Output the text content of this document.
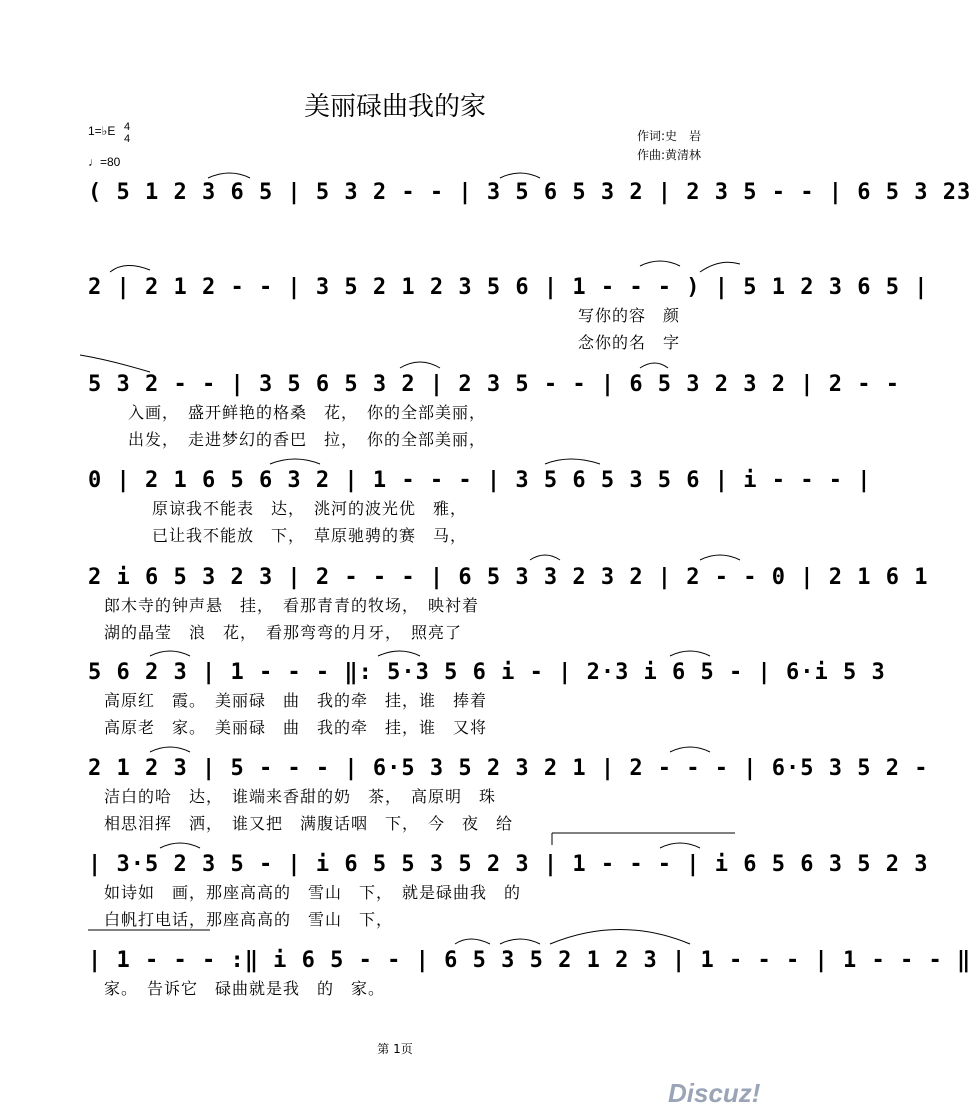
美丽碌曲我的家
1=♭E 4
4
♩=80
作词:史　岩
作曲:黄清林
( 5 1 2 3 6 5 | 5 3 2 - - | 3 5 6 5 3 2 | 2 3 5 - - | 6 5 3 23
2 | 2 1 2 - - | 3 5 2 1 2 3 5 6 | 1 - - - ) | 5 1 2 3 6 5 |
写你的容　颜
念你的名　字
5 3 2 - - | 3 5 6 5 3 2 | 2 3 5 - - | 6 5 3 2 3 2 | 2 - -
入画，　盛开鲜艳的格桑　花，　你的全部美丽，
出发，　走进梦幻的香巴　拉，　你的全部美丽，
0 | 2 1 6 5 6 3 2 | 1 - - - | 3 5 6 5 3 5 6 | i - - - |
原谅我不能表　达，　洮河的波光优　雅，
已让我不能放　下，　草原驰骋的赛　马，
2 i 6 5 3 2 3 | 2 - - - | 6 5 3 3 2 3 2 | 2 - - 0 | 2 1 6 1
郎木寺的钟声悬　挂，　看那青青的牧场，　映衬着
湖的晶莹　浪　花，　看那弯弯的月牙，　照亮了
5 6 2 3 | 1 - - - ‖: 5·3 5 6 i - | 2·3 i 6 5 - | 6·i 5 3
高原红　霞。　美丽碌　曲　我的牵　挂，谁　捧着
高原老　家。　美丽碌　曲　我的牵　挂，谁　又将
2 1 2 3 | 5 - - - | 6·5 3 5 2 3 2 1 | 2 - - - | 6·5 3 5 2 -
洁白的哈　达，　谁端来香甜的奶　茶，　高原明　珠
相思泪挥　洒，　谁又把　满腹话咽　下，　今　夜　给
| 3·5 2 3 5 - | i 6 5 5 3 5 2 3 | 1 - - - | i 6 5 6 3 5 2 3
如诗如　画，那座高高的　雪山　下，　就是碌曲我　的
白帆打电话，那座高高的　雪山　下，
| 1 - - - :‖ i 6 5 - - | 6 5 3 5 2 1 2 3 | 1 - - - | 1 - - - ‖
家。　告诉它　碌曲就是我　的　家。
第 1页
Discuz!
